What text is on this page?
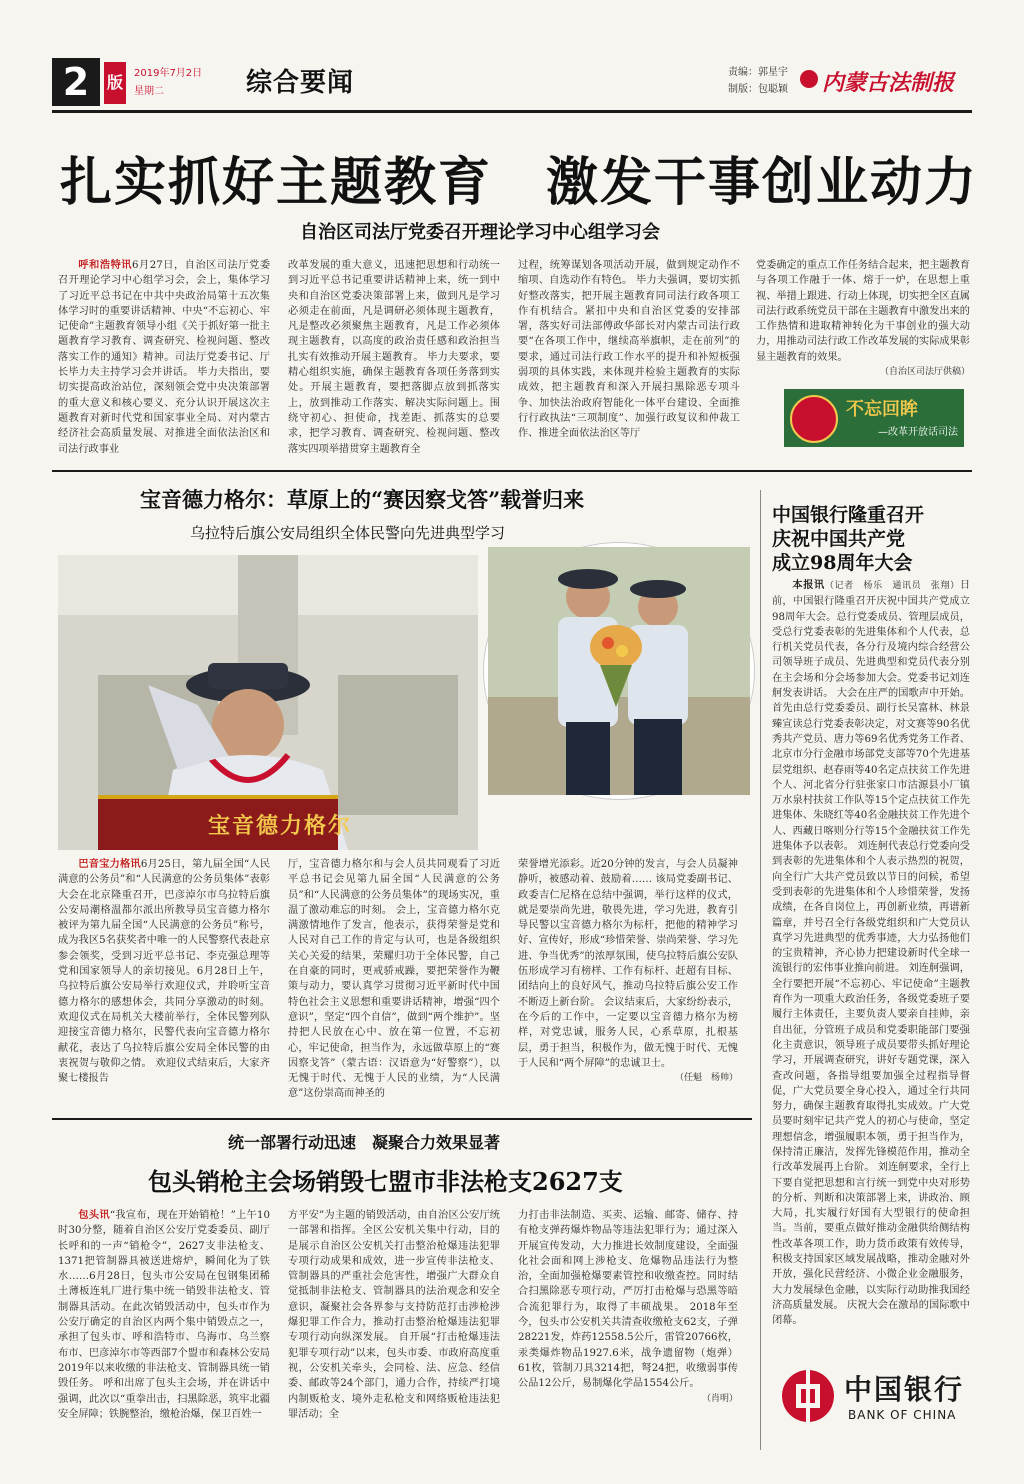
2	版	2019年7月2日
星期二	综合要闻	责编：郭星宇
制版：包聪颖 内蒙古法制报
扎实抓好主题教育　激发干事创业动力
自治区司法厅党委召开理论学习中心组学习会

呼和浩特讯6月27日，自治区司法厅党委召开理论学习中心组学习会，会上，集体学习了习近平总书记在中共中央政治局第十五次集体学习时的重要讲话精神、中央“不忘初心、牢记使命”主题教育领导小组《关于抓好第一批主题教育学习教育、调查研究、检视问题、整改落实工作的通知》精神。司法厅党委书记、厅长毕力夫主持学习会并讲话。 毕力夫指出，要切实提高政治站位，深刻领会党中央决策部署的重大意义和核心要义、充分认识开展这次主题教育对新时代党和国家事业全局、对内蒙古经济社会高质量发展、对推进全面依法治区和司法行政事业

改革发展的重大意义，迅速把思想和行动统一到习近平总书记重要讲话精神上来，统一到中央和自治区党委决策部署上来，做到凡是学习必须走在前面，凡是调研必须体现主题教育，凡是整改必须聚焦主题教育，凡是工作必须体现主题教育，以高度的政治责任感和政治担当扎实有效推动开展主题教育。 毕力夫要求，要精心组织实施，确保主题教育各项任务落到实处。开展主题教育，要把落脚点放到抓落实上，放到推动工作落实、解决实际问题上。围绕守初心、担使命，找差距、抓落实的总要求，把学习教育、调查研究、检视问题、整改落实四项举措贯穿主题教育全

过程，统筹谋划各项活动开展，做到规定动作不缩项、自选动作有特色。 毕力夫强调，要切实抓好整改落实，把开展主题教育同司法行政各项工作有机结合。紧扣中央和自治区党委的安排部署，落实好司法部傅政华部长对内蒙古司法行政要“在各项工作中，继续高举旗帜，走在前列”的要求，通过司法行政工作水平的提升和补短板强弱项的具体实践，来体现并检验主题教育的实际成效，把主题教育和深入开展扫黑除恶专项斗争、加快法治政府智能化一体平台建设、全面推行行政执法“三项制度”、加强行政复议和仲裁工作、推进全面依法治区等厅

党委确定的重点工作任务结合起来，把主题教育与各项工作融于一体、熔于一炉，在思想上重视、举措上跟进、行动上体现，切实把全区直属司法行政系统党员干部在主题教育中激发出来的工作热情和进取精神转化为干事创业的强大动力，用推动司法行政工作改革发展的实际成果彰显主题教育的效果。

（自治区司法厅供稿）

不忘回眸
—改革开放话司法
宝音德力格尔：草原上的“赛因察戈答”载誉归来
乌拉特后旗公安局组织全体民警向先进典型学习
宝音德力格尔

巴音宝力格讯6月25日，第九届全国“人民满意的公务员”和“人民满意的公务员集体”表彰大会在北京隆重召开，巴彦淖尔市乌拉特后旗公安局潮格温都尔派出所教导员宝音德力格尔被评为第九届全国“人民满意的公务员”称号，成为我区5名获奖者中唯一的人民警察代表赴京参会领奖，受到习近平总书记、李克强总理等党和国家领导人的亲切接见。6月28日上午，乌拉特后旗公安局举行欢迎仪式，并聆听宝音德力格尔的感想体会，共同分享激动的时刻。 欢迎仪式在局机关大楼前举行，全体民警列队迎接宝音德力格尔，民警代表向宝音德力格尔献花，表达了乌拉特后旗公安局全体民警的由衷祝贺与敬仰之情。 欢迎仪式结束后，大家齐聚七楼报告

厅，宝音德力格尔和与会人员共同观看了习近平总书记会见第九届全国“人民满意的公务员”和“人民满意的公务员集体”的现场实况，重温了激动难忘的时刻。 会上，宝音德力格尔克满激情地作了发言，他表示，获得荣誉是党和人民对自己工作的肯定与认可，也是各级组织关心关爱的结果，荣耀归功于全体民警，自己在自豪的同时，更戒骄戒躁，要把荣誉作为鞭策与动力，要认真学习贯彻习近平新时代中国特色社会主义思想和重要讲话精神，增强“四个意识”，坚定“四个自信”，做到“两个维护”。坚持把人民放在心中、放在第一位置，不忘初心，牢记使命，担当作为，永远做草原上的“赛因察戈答”（蒙古语：汉语意为“好警察”），以无愧于时代、无愧于人民的业绩，为“人民满意”这份崇高而神圣的

荣誉增光添彩。近20分钟的发言，与会人员凝神静听，被感动着、鼓励着…… 该局党委副书记、政委吉仁尼格在总结中强调，举行这样的仪式，就是要崇尚先进，敬畏先进，学习先进，教育引导民警以宝音德力格尔为标杆，把他的精神学习好、宣传好，形成“珍惜荣誉、崇尚荣誉、学习先进、争当优秀”的浓厚氛围，使乌拉特后旗公安队伍形成学习有榜样、工作有标杆、赶超有目标、团结向上的良好风气，推动乌拉特后旗公安工作不断迈上新台阶。 会议结束后，大家纷纷表示，在今后的工作中，一定要以宝音德力格尔为榜样，对党忠诚，服务人民，心系草原，扎根基层，勇于担当，积极作为，做无愧于时代、无愧于人民和“两个屏障”的忠诚卫士。

（任魁　杨帅）

统一部署行动迅速　凝聚合力效果显著
包头销枪主会场销毁七盟市非法枪支2627支

包头讯“我宣布，现在开始销枪！”上午10时30分整，随着自治区公安厅党委委员、副厅长呼和的一声“销枪令”，2627支非法枪支、1371把管制器具被送进熔炉，瞬间化为了铁水……6月28日，包头市公安局在包钢集团稀土薄板连轧厂进行集中统一销毁非法枪支、管制器具活动。在此次销毁活动中，包头市作为公安厅确定的自治区内两个集中销毁点之一，承担了包头市、呼和浩特市、乌海市、乌兰察布市、巴彦淖尔市等西部7个盟市和森林公安局2019年以来收缴的非法枪支、管制器具统一销毁任务。 呼和出席了包头主会场，并在讲话中强调，此次以“重拳出击，扫黑除恶，筑牢北疆安全屏障；铁腕整治，缴枪治爆，保卫百姓一

方平安”为主题的销毁活动，由自治区公安厅统一部署和指挥。全区公安机关集中行动，目的是展示自治区公安机关打击整治枪爆违法犯罪专项行动成果和成效，进一步宣传非法枪支、管制器具的严重社会危害性，增强广大群众自觉抵制非法枪支、管制器具的法治观念和安全意识，凝聚社会各界参与支持防范打击涉枪涉爆犯罪工作合力，推动打击整治枪爆违法犯罪专项行动向纵深发展。 自开展“打击枪爆违法犯罪专项行动”以来，包头市委、市政府高度重视，公安机关牵头，会同检、法、应急、经信委、邮政等24个部门，通力合作，持续严打境内制贩枪支、境外走私枪支和网络贩枪违法犯罪活动；全

力打击非法制造、买卖、运输、邮寄、储存、持有枪支弹药爆炸物品等违法犯罪行为；通过深入开展宣传发动，大力推进长效制度建设，全面强化社会面和网上涉枪支、危爆物品违法行为整治，全面加强枪爆要素管控和收缴查控。同时结合扫黑除恶专项行动，严厉打击枪爆与恐黑等暗合流犯罪行为，取得了丰硕战果。 2018年至今，包头市公安机关共清查收缴枪支62支，子弹28221发，炸药12558.5公斤，雷管20766枚，汞类爆炸物品1927.6米，战争遗留物（炮弹）61枚，管制刀具3214把，弩24把，收缴弱事传公品12公斤，易制爆化学品1554公斤。

（肖明）

中国银行隆重召开
庆祝中国共产党
成立98周年大会

本报讯（记者　杨乐　通讯员　张翔）日前，中国银行隆重召开庆祝中国共产党成立98周年大会。总行党委成员、管理层成员，受总行党委表彰的先进集体和个人代表，总行机关党员代表，各分行及境内综合经营公司领导班子成员、先进典型和党员代表分别在主会场和分会场参加大会。党委书记刘连舸发表讲话。 大会在庄严的国歌声中开始。首先由总行党委委员、副行长吴富林、林景臻宣读总行党委表彰决定，对文赛等90名优秀共产党员、唐力等69名优秀党务工作者、北京市分行金融市场部党支部等70个先进基层党组织、赵春雨等40名定点扶贫工作先进个人、河北省分行驻张家口市沽源县小厂镇万水泉村扶贫工作队等15个定点扶贫工作先进集体、朱晓红等40名金融扶贫工作先进个人、西藏日喀则分行等15个金融扶贫工作先进集体予以表彰。 刘连舸代表总行党委向受到表彰的先进集体和个人表示热烈的祝贺，向全行广大共产党员致以节日的问候，希望受到表彰的先进集体和个人珍惜荣誉，发扬成绩，在各自岗位上，再创新业绩，再谱新篇章，并号召全行各级党组织和广大党员认真学习先进典型的优秀事迹，大力弘扬他们的宝贵精神，齐心协力把建设新时代全球一流银行的宏伟事业推向前进。 刘连舸强调，全行要把开展“不忘初心、牢记使命”主题教育作为一项重大政治任务，各级党委班子要履行主体责任，主要负责人要亲自挂帅，亲自出征，分管班子成员和党委职能部门要强化主责意识，领导班子成员要带头抓好理论学习，开展调查研究，讲好专题党课，深入查改问题，各指导组要加强全过程指导督促，广大党员要全身心投入，通过全行共同努力，确保主题教育取得扎实成效。广大党员要时刻牢记共产党人的初心与使命，坚定理想信念，增强履职本领，勇于担当作为，保持清正廉洁，发挥先锋模范作用，推动全行改革发展再上台阶。 刘连舸要求，全行上下要自觉把思想和言行统一到党中央对形势的分析、判断和决策部署上来，讲政治、顾大局，扎实履行好国有大型银行的使命担当。当前，要重点做好推动金融供给侧结构性改革各项工作，助力货币政策有效传导，积极支持国家区域发展战略，推动金融对外开放，强化民营经济、小微企业金融服务，大力发展绿色金融，以实际行动助推我国经济高质量发展。 庆祝大会在激昂的国际歌中闭幕。

中国银行
BANK OF CHINA
